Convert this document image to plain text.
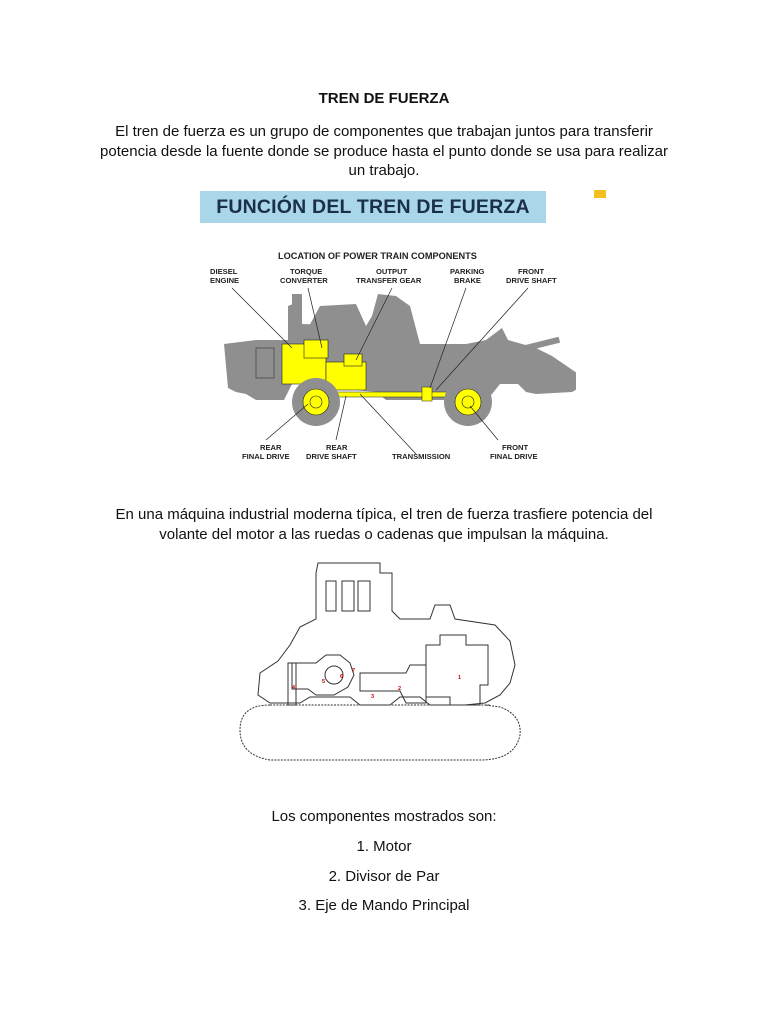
TREN DE FUERZA

El tren de fuerza es un grupo de componentes que trabajan juntos para transferir potencia desde la fuente donde se produce hasta el punto donde se usa para realizar un trabajo.

FUNCIÓN DEL TREN DE FUERZA
LOCATION OF POWER TRAIN COMPONENTS
DIESEL
ENGINE
TORQUE
CONVERTER
OUTPUT
TRANSFER GEAR
PARKING
BRAKE
FRONT
DRIVE SHAFT
REAR
FINAL DRIVE
REAR
DRIVE SHAFT	TRANSMISSION
FRONT
FINAL DRIVE

En una máquina industrial moderna típica, el tren de fuerza trasfiere potencia del volante del motor a las ruedas o cadenas que impulsan la máquina.

1
2
3
4
5
6
7

Los componentes mostrados son:

1. Motor
2. Divisor de Par
3. Eje de Mando Principal
